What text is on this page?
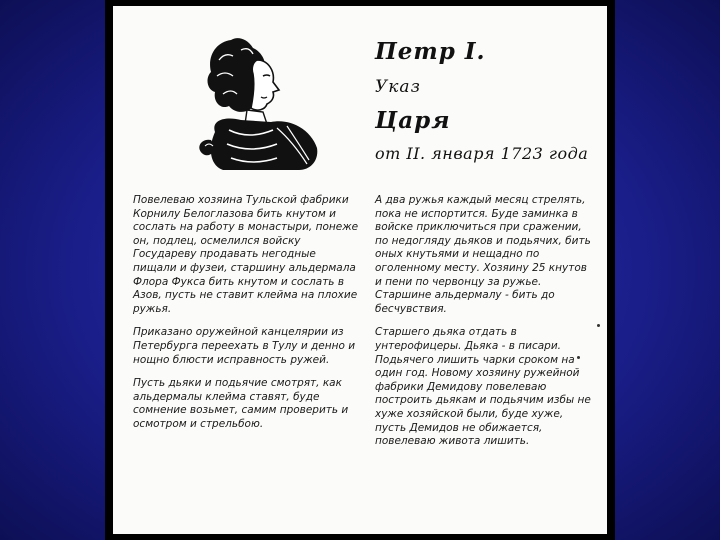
Петр I.
Указ
Царя
от II. января 1723 года

Повелеваю хозяина Тульской фабрики Корнилу Белоглазова бить кнутом и сослать на работу в монастыри, понеже он, подлец, осмелился войску Государеву продавать негодные пищали и фузеи, старшину альдермала Флора Фукса бить кнутом и сослать в Азов, пусть не ставит клейма на плохие ружья.

Приказано оружейной канцелярии из Петербурга переехать в Тулу и денно и нощно блюсти исправность ружей.

Пусть дьяки и подьячие смотрят, как альдермалы клейма ставят, буде сомнение возьмет, самим проверить и осмотром и стрельбою.

А два ружья каждый месяц стрелять, пока не испортится. Буде заминка в войске приключиться при сражении, по недогляду дьяков и подьячих, бить оных кнутьями и нещадно по оголенному месту. Хозяину 25 кнутов и пени по червонцу за ружье. Старшине альдермалу - бить до бесчувствия.

Старшего дьяка отдать в унтерофицеры. Дьяка - в писари. Подьячего лишить чарки сроком на один год. Новому хозяину ружейной фабрики Демидову повелеваю построить дьякам и подьячим избы не хуже хозяйской были, буде хуже, пусть Демидов не обижается, повелеваю живота лишить.
